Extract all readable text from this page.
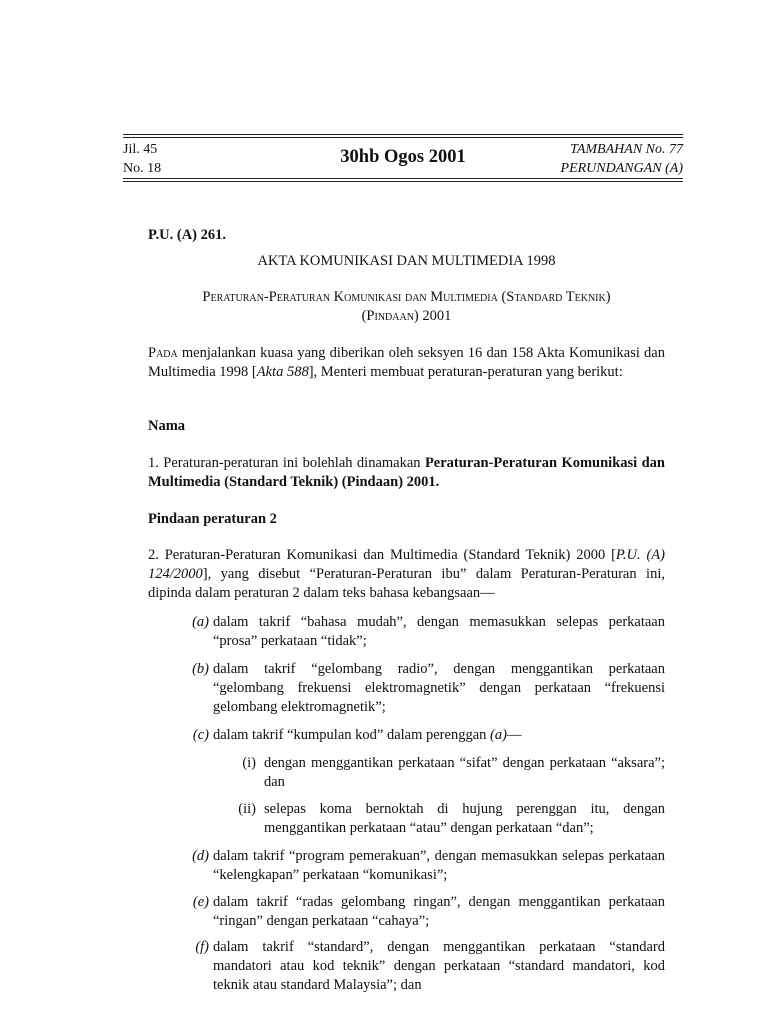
Jil. 45
No. 18
30hb Ogos 2001	TAMBAHAN No. 77
PERUNDANGAN (A)
P.U. (A) 261.
AKTA KOMUNIKASI DAN MULTIMEDIA 1998
Peraturan-Peraturan Komunikasi dan Multimedia (Standard Teknik)
(Pindaan) 2001
Pada menjalankan kuasa yang diberikan oleh seksyen 16 dan 158 Akta Komunikasi dan Multimedia 1998 [Akta 588], Menteri membuat peraturan-peraturan yang berikut:
Nama
1. Peraturan-peraturan ini bolehlah dinamakan Peraturan-Peraturan Komunikasi dan Multimedia (Standard Teknik) (Pindaan) 2001.
Pindaan peraturan 2
2. Peraturan-Peraturan Komunikasi dan Multimedia (Standard Teknik) 2000 [P.U. (A) 124/2000], yang disebut “Peraturan-Peraturan ibu” dalam Peraturan-Peraturan ini, dipinda dalam peraturan 2 dalam teks bahasa kebangsaan—
(a) dalam takrif “bahasa mudah”, dengan memasukkan selepas perkataan “prosa” perkataan “tidak”;
(b) dalam takrif “gelombang radio”, dengan menggantikan perkataan “gelombang frekuensi elektromagnetik” dengan perkataan “frekuensi gelombang elektromagnetik”;
(c) dalam takrif “kumpulan kod” dalam perenggan (a)—
(i) dengan menggantikan perkataan “sifat” dengan perkataan “aksara”; dan
(ii) selepas koma bernoktah di hujung perenggan itu, dengan menggantikan perkataan “atau” dengan perkataan “dan”;
(d) dalam takrif “program pemerakuan”, dengan memasukkan selepas perkataan “kelengkapan” perkataan “komunikasi”;
(e) dalam takrif “radas gelombang ringan”, dengan menggantikan perkataan “ringan” dengan perkataan “cahaya”;
(f) dalam takrif “standard”, dengan menggantikan perkataan “standard mandatori atau kod teknik” dengan perkataan “standard mandatori, kod teknik atau standard Malaysia”; dan
